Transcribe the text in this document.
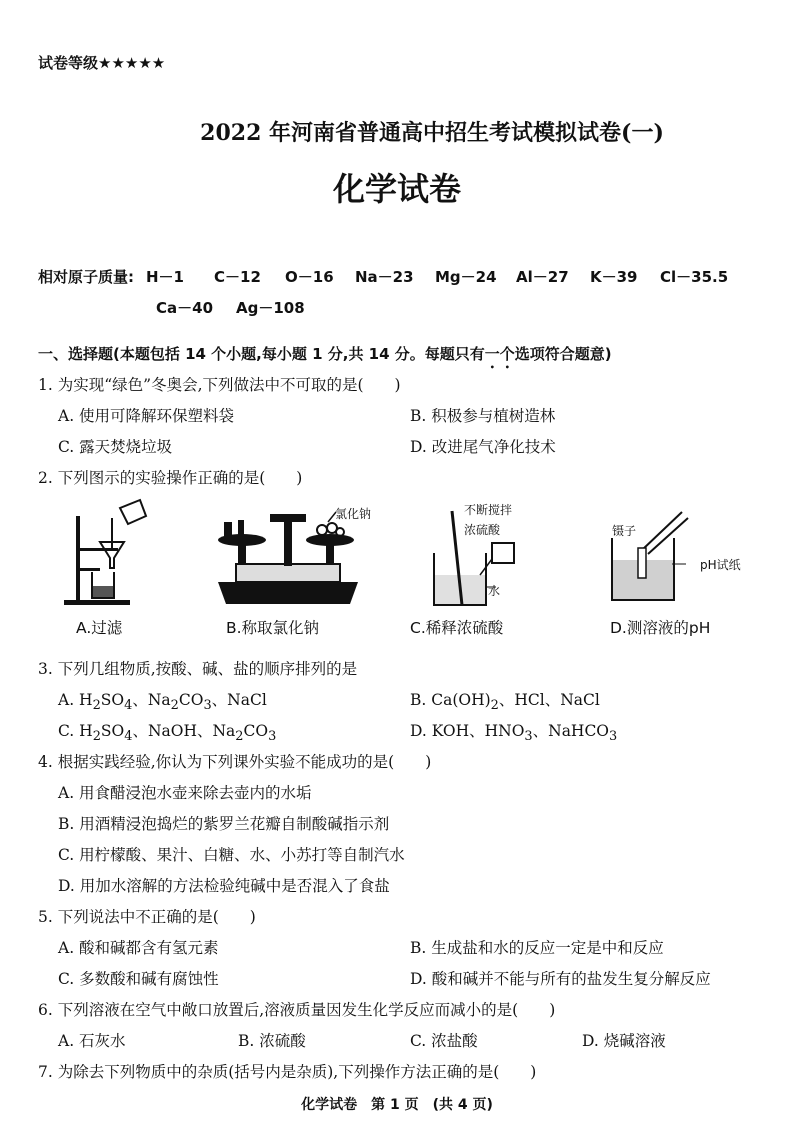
试卷等级★★★★★
2022 年河南省普通高中招生考试模拟试卷(一)
化学试卷
相对原子质量: H－1 C－12 O－16 Na－23 Mg－24 Al－27 K－39 Cl－35.5
Ca－40 Ag－108
一、选择题(本题包括 14 个小题,每小题 1 分,共 14 分。每题只有一个选项符合题意)
1. 为实现“绿色”冬奥会,下列做法中不可取的是(　　)
A. 使用可降解环保塑料袋	B. 积极参与植树造林
C. 露天焚烧垃圾	D. 改进尾气净化技术
2. 下列图示的实验操作正确的是(　　)
A.过滤
氯化钠
B.称取氯化钠
不断搅拌
浓硫酸
水
C.稀释浓硫酸
镊子
pH试纸
D.测溶液的pH
3. 下列几组物质,按酸、碱、盐的顺序排列的是
A. $H_2SO_4$、$Na_2CO_3$、NaCl	B. $Ca(OH)_2$、HCl、NaCl
C. $H_2SO_4$、NaOH、$Na_2CO_3$	D. KOH、$HNO_3$、NaHCO$_3$
4. 根据实践经验,你认为下列课外实验不能成功的是(　　)
A. 用食醋浸泡水壶来除去壶内的水垢
B. 用酒精浸泡捣烂的紫罗兰花瓣自制酸碱指示剂
C. 用柠檬酸、果汁、白糖、水、小苏打等自制汽水
D. 用加水溶解的方法检验纯碱中是否混入了食盐
5. 下列说法中不正确的是(　　)
A. 酸和碱都含有氢元素	B. 生成盐和水的反应一定是中和反应
C. 多数酸和碱有腐蚀性	D. 酸和碱并不能与所有的盐发生复分解反应
6. 下列溶液在空气中敞口放置后,溶液质量因发生化学反应而减小的是(　　)
A. 石灰水	B. 浓硫酸	C. 浓盐酸	D. 烧碱溶液
7. 为除去下列物质中的杂质(括号内是杂质),下列操作方法正确的是(　　)
化学试卷　第 1 页　(共 4 页)
